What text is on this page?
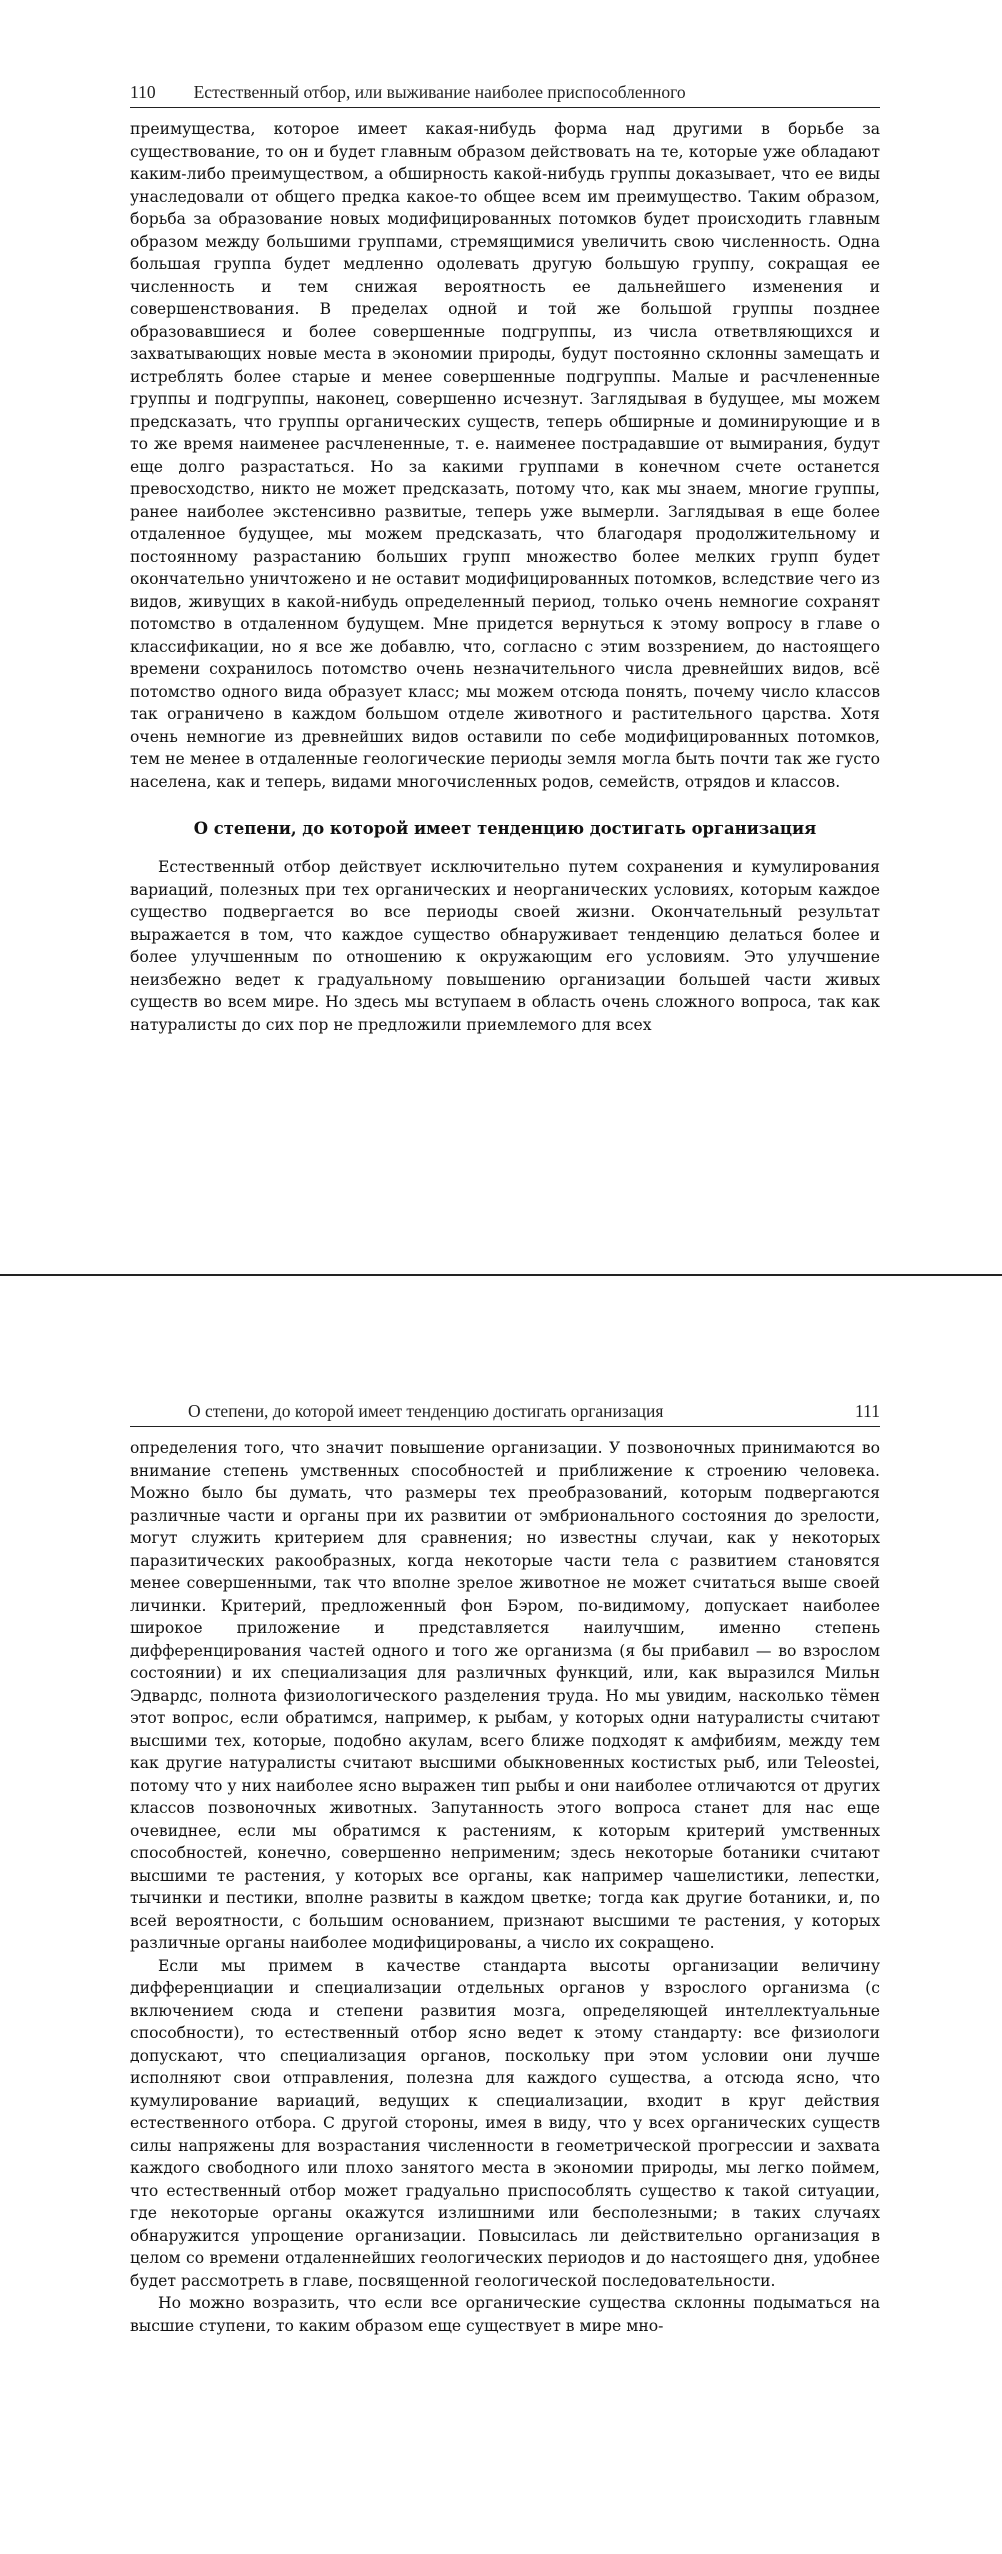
110 Естественный отбор, или выживание наиболее приспособленного

преимущества, которое имеет какая-нибудь форма над другими в борьбе за существование, то он и будет главным образом действовать на те, которые уже обладают каким-либо преимуществом, а обширность какой-нибудь группы доказывает, что ее виды унаследовали от общего предка какое-то общее всем им преимущество. Таким образом, борьба за образование новых модифицированных потомков будет происходить главным образом между большими группами, стремящимися увеличить свою численность. Одна большая группа будет медленно одолевать другую большую группу, сокращая ее численность и тем снижая вероятность ее дальнейшего изменения и совершенствования. В пределах одной и той же большой группы позднее образовавшиеся и более совершенные подгруппы, из числа ответвляющихся и захватывающих новые места в экономии природы, будут постоянно склонны замещать и истреблять более старые и менее совершенные подгруппы. Малые и расчлененные группы и подгруппы, наконец, совершенно исчезнут. Заглядывая в будущее, мы можем предсказать, что группы органических существ, теперь обширные и доминирующие и в то же время наименее расчлененные, т. е. наименее пострадавшие от вымирания, будут еще долго разрастаться. Но за какими группами в конечном счете останется превосходство, никто не может предсказать, потому что, как мы знаем, многие группы, ранее наиболее экстенсивно развитые, теперь уже вымерли. Заглядывая в еще более отдаленное будущее, мы можем предсказать, что благодаря продолжительному и постоянному разрастанию больших групп множество более мелких групп будет окончательно уничтожено и не оставит модифицированных потомков, вследствие чего из видов, живущих в какой-нибудь определенный период, только очень немногие сохранят потомство в отдаленном будущем. Мне придется вернуться к этому вопросу в главе о классификации, но я все же добавлю, что, согласно с этим воззрением, до настоящего времени сохранилось потомство очень незначительного числа древнейших видов, всё потомство одного вида образует класс; мы можем отсюда понять, почему число классов так ограничено в каждом большом отделе животного и растительного царства. Хотя очень немногие из древнейших видов оставили по себе модифицированных потомков, тем не менее в отдаленные геологические периоды земля могла быть почти так же густо населена, как и теперь, видами многочисленных родов, семейств, отрядов и классов.

О степени, до которой имеет тенденцию достигать организация

Естественный отбор действует исключительно путем сохранения и кумулирования вариаций, полезных при тех органических и неорганических условиях, которым каждое существо подвергается во все периоды своей жизни. Окончательный результат выражается в том, что каждое существо обнаруживает тенденцию делаться более и более улучшенным по отношению к окружающим его условиям. Это улучшение неизбежно ведет к градуальному повышению организации большей части живых существ во всем мире. Но здесь мы вступаем в область очень сложного вопроса, так как натуралисты до сих пор не предложили приемлемого для всех

О степени, до которой имеет тенденцию достигать организация	111

определения того, что значит повышение организации. У позвоночных принимаются во внимание степень умственных способностей и приближение к строению человека. Можно было бы думать, что размеры тех преобразований, которым подвергаются различные части и органы при их развитии от эмбрионального состояния до зрелости, могут служить критерием для сравнения; но известны случаи, как у некоторых паразитических ракообразных, когда некоторые части тела с развитием становятся менее совершенными, так что вполне зрелое животное не может считаться выше своей личинки. Критерий, предложенный фон Бэром, по-видимому, допускает наиболее широкое приложение и представляется наилучшим, именно степень дифференцирования частей одного и того же организма (я бы прибавил — во взрослом состоянии) и их специализация для различных функций, или, как выразился Мильн Эдвардс, полнота физиологического разделения труда. Но мы увидим, насколько тёмен этот вопрос, если обратимся, например, к рыбам, у которых одни натуралисты считают высшими тех, которые, подобно акулам, всего ближе подходят к амфибиям, между тем как другие натуралисты считают высшими обыкновенных костистых рыб, или Teleostei, потому что у них наиболее ясно выражен тип рыбы и они наиболее отличаются от других классов позвоночных животных. Запутанность этого вопроса станет для нас еще очевиднее, если мы обратимся к растениям, к которым критерий умственных способностей, конечно, совершенно неприменим; здесь некоторые ботаники считают высшими те растения, у которых все органы, как например чашелистики, лепестки, тычинки и пестики, вполне развиты в каждом цветке; тогда как другие ботаники, и, по всей вероятности, с большим основанием, признают высшими те растения, у которых различные органы наиболее модифицированы, а число их сокращено.

Если мы примем в качестве стандарта высоты организации величину дифференциации и специализации отдельных органов у взрослого организма (с включением сюда и степени развития мозга, определяющей интеллектуальные способности), то естественный отбор ясно ведет к этому стандарту: все физиологи допускают, что специализация органов, поскольку при этом условии они лучше исполняют свои отправления, полезна для каждого существа, а отсюда ясно, что кумулирование вариаций, ведущих к специализации, входит в круг действия естественного отбора. С другой стороны, имея в виду, что у всех органических существ силы напряжены для возрастания численности в геометрической прогрессии и захвата каждого свободного или плохо занятого места в экономии природы, мы легко поймем, что естественный отбор может градуально приспособлять существо к такой ситуации, где некоторые органы окажутся излишними или бесполезными; в таких случаях обнаружится упрощение организации. Повысилась ли действительно организация в целом со времени отдаленнейших геологических периодов и до настоящего дня, удобнее будет рассмотреть в главе, посвященной геологической последовательности.

Но можно возразить, что если все органические существа склонны подыматься на высшие ступени, то каким образом еще существует в мире мно-
